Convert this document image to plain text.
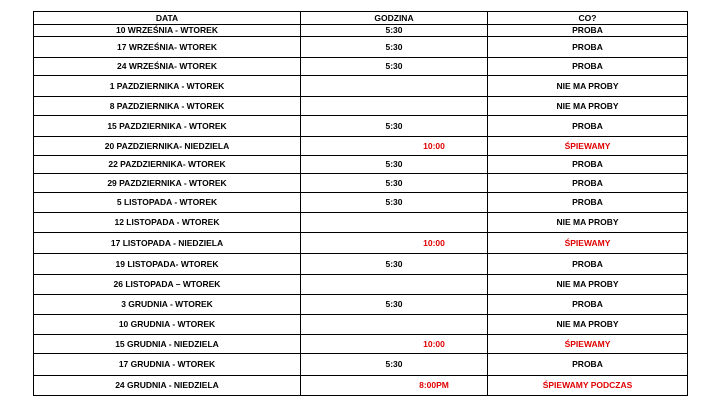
DATA	GODZINA	CO?
10 WRZEŚNIA - WTOREK	5:30	PROBA
17 WRZEŚNIA- WTOREK	5:30	PROBA
24 WRZEŚNIA- WTOREK	5:30	PROBA
1 PAZDZIERNIKA - WTOREK		NIE MA PROBY
8 PAZDZIERNIKA - WTOREK		NIE MA PROBY
15 PAZDZIERNIKA - WTOREK	5:30	PROBA
20 PAZDZIERNIKA- NIEDZIELA	10:00	ŚPIEWAMY
22 PAZDZIERNIKA- WTOREK	5:30	PROBA
29 PAZDZIERNIKA - WTOREK	5:30	PROBA
5 LISTOPADA - WTOREK	5:30	PROBA
12 LISTOPADA - WTOREK		NIE MA PROBY
17 LISTOPADA - NIEDZIELA	10:00	ŚPIEWAMY
19 LISTOPADA- WTOREK	5:30	PROBA
26 LISTOPADA – WTOREK		NIE MA PROBY
3 GRUDNIA - WTOREK	5:30	PROBA
10 GRUDNIA - WTOREK		NIE MA PROBY
15 GRUDNIA - NIEDZIELA	10:00	ŚPIEWAMY
17 GRUDNIA - WTOREK	5:30	PROBA
24 GRUDNIA - NIEDZIELA	8:00PM	ŚPIEWAMY PODCZAS
